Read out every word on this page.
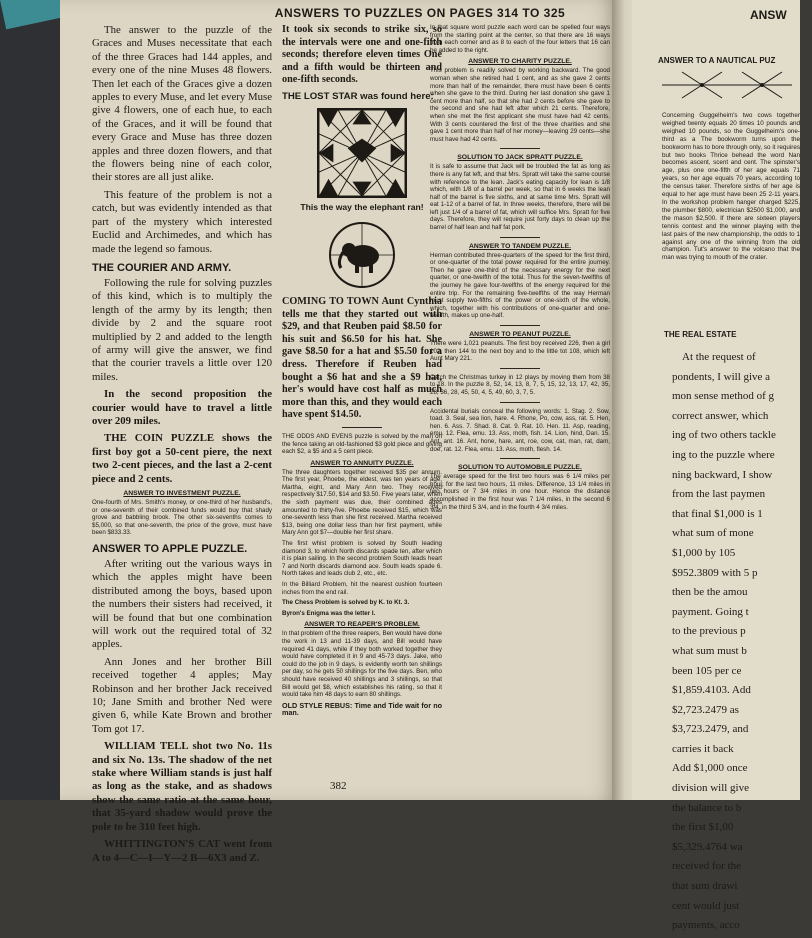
ANSWERS TO PUZZLES ON PAGES 314 TO 325

The answer to the puzzle of the Graces and Muses necessitate that each of the three Graces had 144 apples, and every one of the nine Muses 48 flowers. Then let each of the Graces give a dozen apples to every Muse, and let every Muse give 4 flowers, one of each hue, to each of the Graces, and it will be found that every Grace and Muse has three dozen apples and three dozen flowers, and that the flowers being nine of each color, their stores are all just alike.

This feature of the problem is not a catch, but was evidently intended as that part of the mystery which interested Euclid and Archimedes, and which has made the legend so famous.

THE COURIER AND ARMY.

Following the rule for solving puzzles of this kind, which is to multiply the length of the army by its length; then divide by 2 and the square root multiplied by 2 and added to the length of army will give the answer, we find that the courier travels a little over 120 miles.

In the second proposition the courier would have to travel a little over 209 miles.

THE COIN PUZZLE shows the first boy got a 50-cent piere, the next two 2-cent pieces, and the last a 2-cent piece and 2 cents.

ANSWER TO INVESTMENT PUZZLE.

One-fourth of Mrs. Smith's money, or one-third of her husband's, or one-seventh of their combined funds would buy that shady grove and babbling brook. The other six-sevenths comes to $5,000, so that one-seventh, the price of the grove, must have been $833.33.

ANSWER TO APPLE PUZZLE.

After writing out the various ways in which the apples might have been distributed among the boys, based upon the numbers their sisters had received, it will be found that but one combination will work out the required total of 32 apples.

Ann Jones and her brother Bill received together 4 apples; May Robinson and her brother Jack received 10; Jane Smith and brother Ned were given 6, while Kate Brown and brother Tom got 17.

WILLIAM TELL shot two No. 11s and six No. 13s. The shadow of the net stake where William stands is just half as long as the stake, and as shadows show the same ratio at the same hour, that 35-yard shadow would prove the pole to be 310 feet high.

WHITTINGTON'S CAT went from A to 4—C—I—Y—2 B—6X3 and Z.

It took six seconds to strike six, so the intervals were one and one-fifth seconds; therefore eleven times One and a fifth would be thirteen and one-fifth seconds.

THE LOST STAR was found here:
This the way the elephant ran!

COMING TO TOWN Aunt Cynthia tells me that they started out with $29, and that Reuben paid $8.50 for his suit and $6.50 for his hat. She gave $8.50 for a hat and $5.50 for a dress. Therefore if Reuben had bought a $6 hat and she a $9 hat, her's would have cost half as much more than this, and they would each have spent $14.50.

THE ODDS AND EVENS puzzle is solved by the man on the fence taking an old-fashioned $3 gold piece and giving each $2, a $5 and a 5 cent piece.

ANSWER TO ANNUITY PUZZLE.

The three daughters together received $35 per annum. The first year, Phoebe, the eldest, was ten years of age, Martha, eight, and Mary Ann two. They received respectively $17.50, $14 and $3.50. Five years later, when the sixth payment was due, their combined ages amounted to thirty-five. Phoebe received $15, which was one-seventh less than she first received. Martha received $13, being one dollar less than her first payment, while Mary Ann got $7—double her first share.

The first whist problem is solved by South leading diamond 3, to which North discards spade ten, after which it is plain sailing. In the second problem South leads heart 7 and North discards diamond ace. South leads spade 6. North takes and leads club 2, etc., etc.

In the Billiard Problem, hit the nearest cushion fourteen inches from the end rail.

The Chess Problem is solved by K. to Kt. 3.

Byron's Enigma was the letter I.

ANSWER TO REAPER'S PROBLEM.

In that problem of the three reapers, Ben would have done the work in 13 and 11-39 days, and Bill would have required 41 days, while if they both worked together they would have completed it in 9 and 45-73 days. Jake, who could do the job in 9 days, is evidently worth ten shillings per day, so he gets 50 shillings for the five days. Ben, who should have received 40 shillings and 3 shillings, so that Bill would get $8, which establishes his rating, so that it would take him 48 days to earn 80 shillings.

OLD STYLE REBUS: Time and Tide wait for no man.

In that square word puzzle each word can be spelled four ways from the starting point at the center, so that there are 16 ways from each corner and as 8 to each of the four letters that 16 can be added to the right.

ANSWER TO CHARITY PUZZLE.

This problem is readily solved by working backward. The good woman when she retired had 1 cent, and as she gave 2 cents more than half of the remainder, there must have been 6 cents when she gave to the third. During her last donation she gave 1 cent more than half, so that she had 2 cents before she gave to the second and she had left after which 21 cents. Therefore, when she met the first applicant she must have had 42 cents. With 3 cents countered the first of the three charities and she gave 1 cent more than half of her money—leaving 29 cents—she must have had 42 cents.

SOLUTION TO JACK SPRATT PUZZLE.

It is safe to assume that Jack will be troubled the fat as long as there is any fat left, and that Mrs. Spratt will take the same course with reference to the lean. Jack's eating capacity for lean is 1/8 which, with 1/8 of a barrel per week, so that in 6 weeks the lean half of the barrel is five sixths, and at same time Mrs. Spratt will eat 1-12 of a barrel of fat. In three weeks, therefore, there will be left just 1/4 of a barrel of fat, which will suffice Mrs. Spratt for five days. Therefore, they will require just forty days to clean up the barrel of half lean and half fat pork.

ANSWER TO TANDEM PUZZLE.

Herman contributed three-quarters of the speed for the first third, or one-quarter of the total power required for the entire journey. Then he gave one-third of the necessary energy for the next quarter, or one-twelfth of the total. Thus for the seven-twelfths of the journey he gave four-twelfths of the energy required for the entire trip. For the remaining five-twelfths of the way Herman must supply two-fifths of the power or one-sixth of the whole, which, together with his contributions of one-quarter and one-twelfth, makes up one-half.

ANSWER TO PEANUT PUZZLE.

There were 1,021 peanuts. The first boy received 226, then a girl 102, then 144 to the next boy and to the little tot 108, which left Aunt Mary 221.

Catch the Christmas turkey in 12 plays by moving them from 38 to 18. In the puzzle 8, 52, 14, 13, 8, 7, 5, 15, 12, 13, 17, 42, 35, 28, 36, 28, 45, 50, 4, 5, 49, 60, 3, 7, 5.

Accidental burials conceal the following words: 1. Stag. 2. Sow, toad. 3. Seal, sea lion, hare. 4. Rhone, Po, cow, ass, rat. 5. Hen, hen. 6. Ass. 7. Shad. 8. Cat. 9. Rat. 10. Hen. 11. Asp, reading, emu. 12. Flea, emu. 13. Ass, moth, fish. 14. Lion, hind, Dan. 15. Ant, ant. 16. Ant, hone, hare, ant, roe, cow, cat, man, rat, dam, doe, rat. 12. Flea, emu. 13. Ass, moth, flesh. 14.

SOLUTION TO AUTOMOBILE PUZZLE.

The average speed for the first two hours was 6 1/4 miles per hour, for the last two hours, 11 miles. Difference, 13 1/4 miles in two hours or 7 3/4 miles in one hour. Hence the distance accomplished in the first hour was 7 1/4 miles, in the second 6 3/4, in the third 5 3/4, and in the fourth 4 3/4 miles.

382
ANSW
ANSWER TO A NAUTICAL PUZ

Concerning Guggelheim's two cows together weighed twenty equals 20 times 10 pounds and weighed 10 pounds, so the Guggelheim's one-third as a The bookworm turns upon the bookworm has to bore through only, so it requires but two books Thrice behead the word Nan becomes ascent, scent and cent. The spinster's age, plus one one-fifth of her age equals 71 years, so her age equals 70 years, according to the census taker. Therefore sixths of her age is equal to her age must have been 25 2-11 years. In the workshop problem hanger charged $225, the plumber $800, electrician $2500 $1,000, and the mason $2,500. If there are sixteen players tennis contest and the winner playing with the last pairs of the new championship, the odds to 1 against any one of the winning from the old champion. Tut's answer to the volcano that the man was trying to mouth of the crater.

THE REAL ESTATE

At the request of

pondents, I will give a

mon sense method of g

correct answer, which

ing of two others tackle

ing to the puzzle where

ning backward, I show

from the last paymen

that final $1,000 is 1

what sum of mone

$1,000 by 105

$952.3809 with 5 p

then be the amou

payment. Going t

to the previous p

what sum must b

been 105 per ce

$1,859.4103. Add

$2,723.2479 as

$3,723.2479, and

carries it back

Add $1,000 once

division will give

the balance to b

the first $1,00

$5,329.4764 wa

received for the

that sum drawi

cent would just

payments, acco
